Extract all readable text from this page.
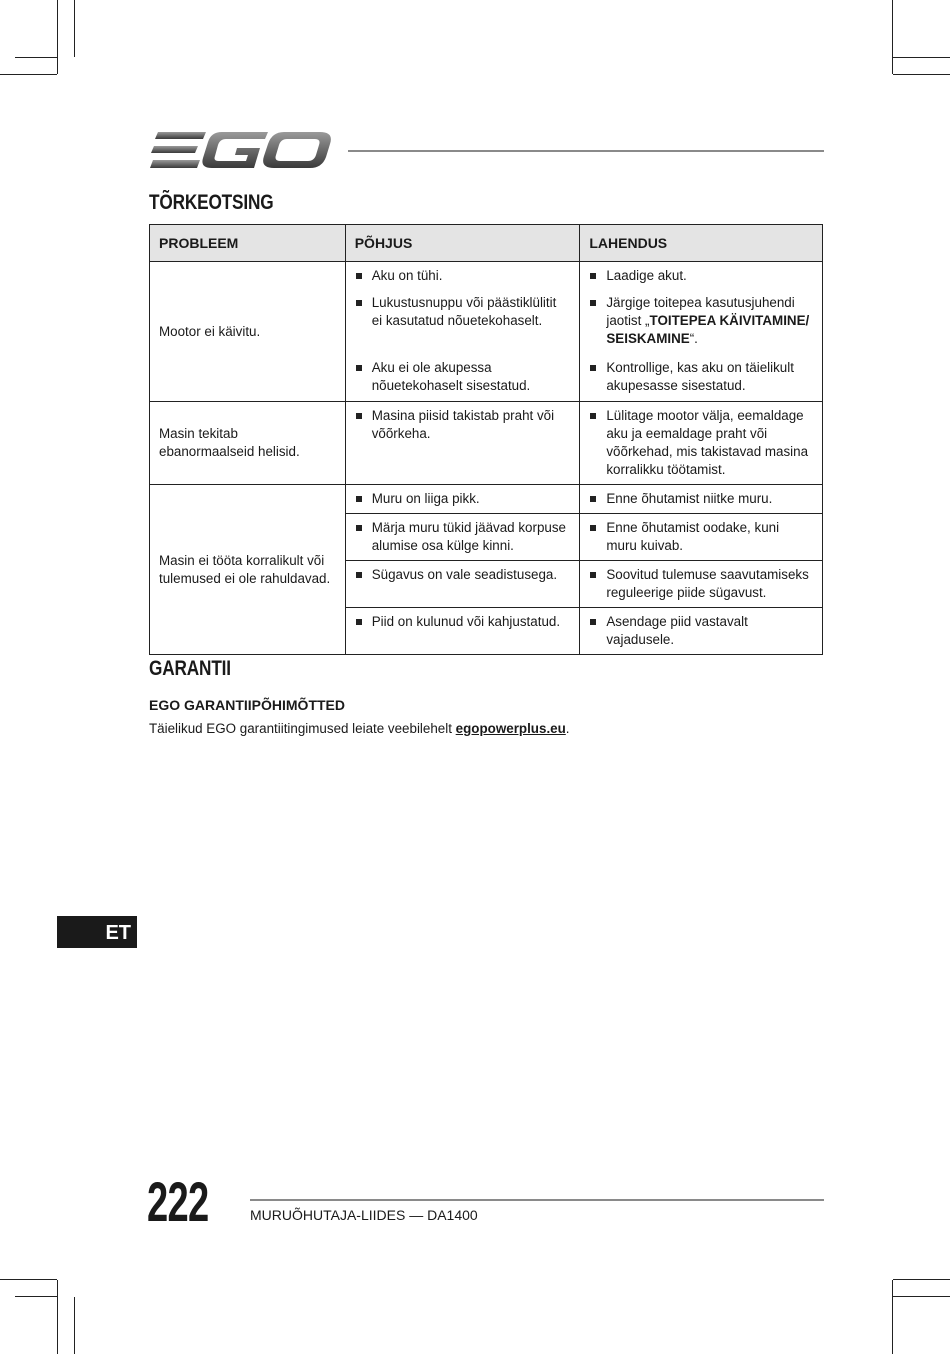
TÕRKEOTSING
PROBLEEM	PÕHJUS	LAHENDUS
Mootor ei käivitu.	Aku on tühi.	Laadige akut.

	Lukustusnuppu või päästiklülitit ei kasutatud nõuetekohaselt.	Järgige toitepea kasutusjuhendi jaotist „TOITEPEA KÄIVITAMINE/ SEISKAMINE“.

	Aku ei ole akupessa nõuetekohaselt sisestatud.	Kontrollige, kas aku on täielikult akupesasse sisestatud.

Masin tekitab ebanormaalseid helisid.	Masina piisid takistab praht või võõrkeha.	Lülitage mootor välja, eemaldage aku ja eemaldage praht või võõrkehad, mis takistavad masina korralikku töötamist.

Masin ei tööta korralikult või tulemused ei ole rahuldavad.	Muru on liiga pikk.	Enne õhutamist niitke muru.

	Märja muru tükid jäävad korpuse alumise osa külge kinni.	Enne õhutamist oodake, kuni muru kuivab.

	Sügavus on vale seadistusega.	Soovitud tulemuse saavutamiseks reguleerige piide sügavust.

	Piid on kulunud või kahjustatud.	Asendage piid vastavalt vajadusele.
GARANTII
EGO GARANTIIPÕHIMÕTTED
Täielikud EGO garantiitingimused leiate veebilehelt egopowerplus.eu.
ET
222	MURUÕHUTAJA-LIIDES — DA1400
